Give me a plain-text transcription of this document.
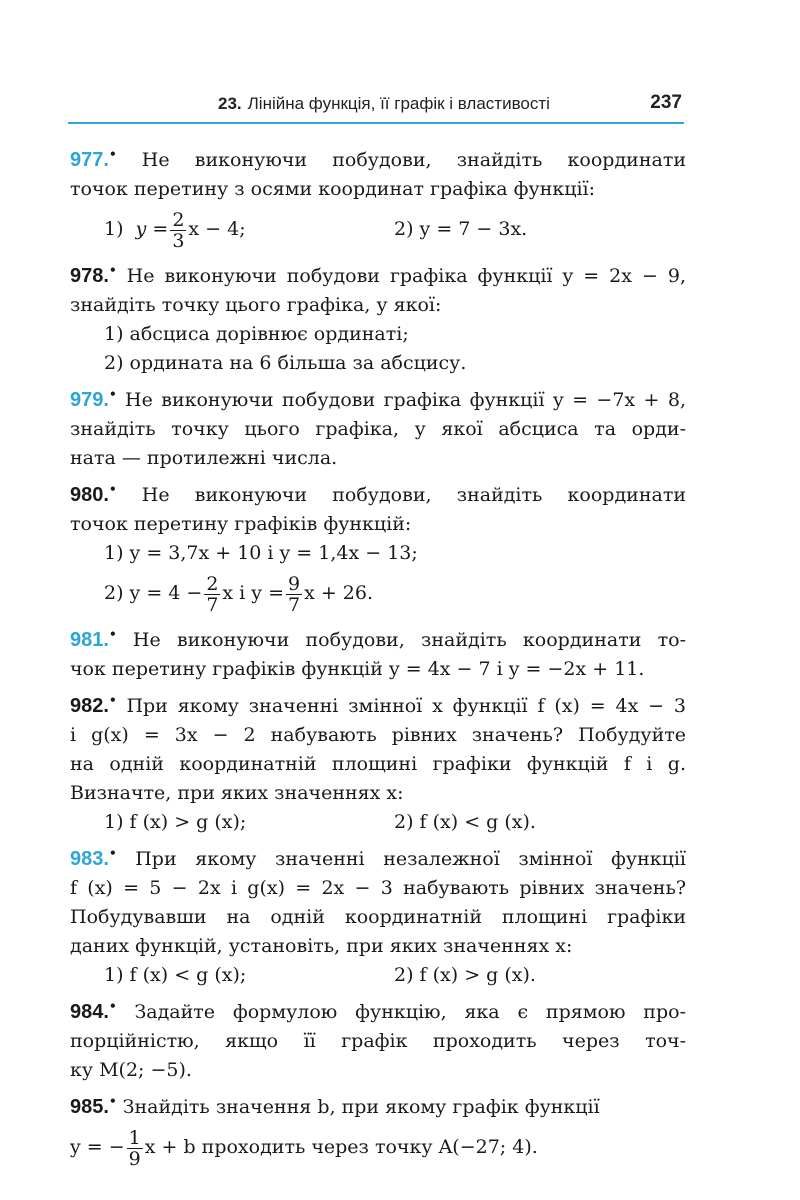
23. Лінійна функція, її графік і властивості	237
977.• Не виконуючи побудови, знайдіть координати
точок перетину з осями координат графіка функції:
1) $y = \frac{2}{3}$ x − 4;	2) y = 7 − 3x.
978.• Не виконуючи побудови графіка функції y = 2x − 9,
знайдіть точку цього графіка, у якої:
1) абсциса дорівнює ординаті;
2) ордината на 6 більша за абсцису.
979.• Не виконуючи побудови графіка функції y = −7x + 8,
знайдіть точку цього графіка, у якої абсциса та орди-
ната — протилежні числа.
980.• Не виконуючи побудови, знайдіть координати
точок перетину графіків функцій:
1) y = 3,7x + 10 і y = 1,4x − 13;
2) $y = 4 - \frac{2}{7}$ x і $y = \frac{9}{7}$ x + 26.
981.• Не виконуючи побудови, знайдіть координати то-
чок перетину графіків функцій y = 4x − 7 і y = −2x + 11.
982.• При якому значенні змінної x функції f (x) = 4x − 3
і g(x) = 3x − 2 набувають рівних значень? Побудуйте
на одній координатній площині графіки функцій f і g.
Визначте, при яких значеннях x:
1) f (x) > g (x);	2) f (x) < g (x).
983.• При якому значенні незалежної змінної функції
f (x) = 5 − 2x і g(x) = 2x − 3 набувають рівних значень?
Побудувавши на одній координатній площині графіки
даних функцій, установіть, при яких значеннях x:
1) f (x) < g (x);	2) f (x) > g (x).
984.• Задайте формулою функцію, яка є прямою про-
порційністю, якщо її графік проходить через точ-
ку M(2; −5).
985.• Знайдіть значення b, при якому графік функції
y = − $\frac{1}{9}$ x + b проходить через точку A(−27; 4).
